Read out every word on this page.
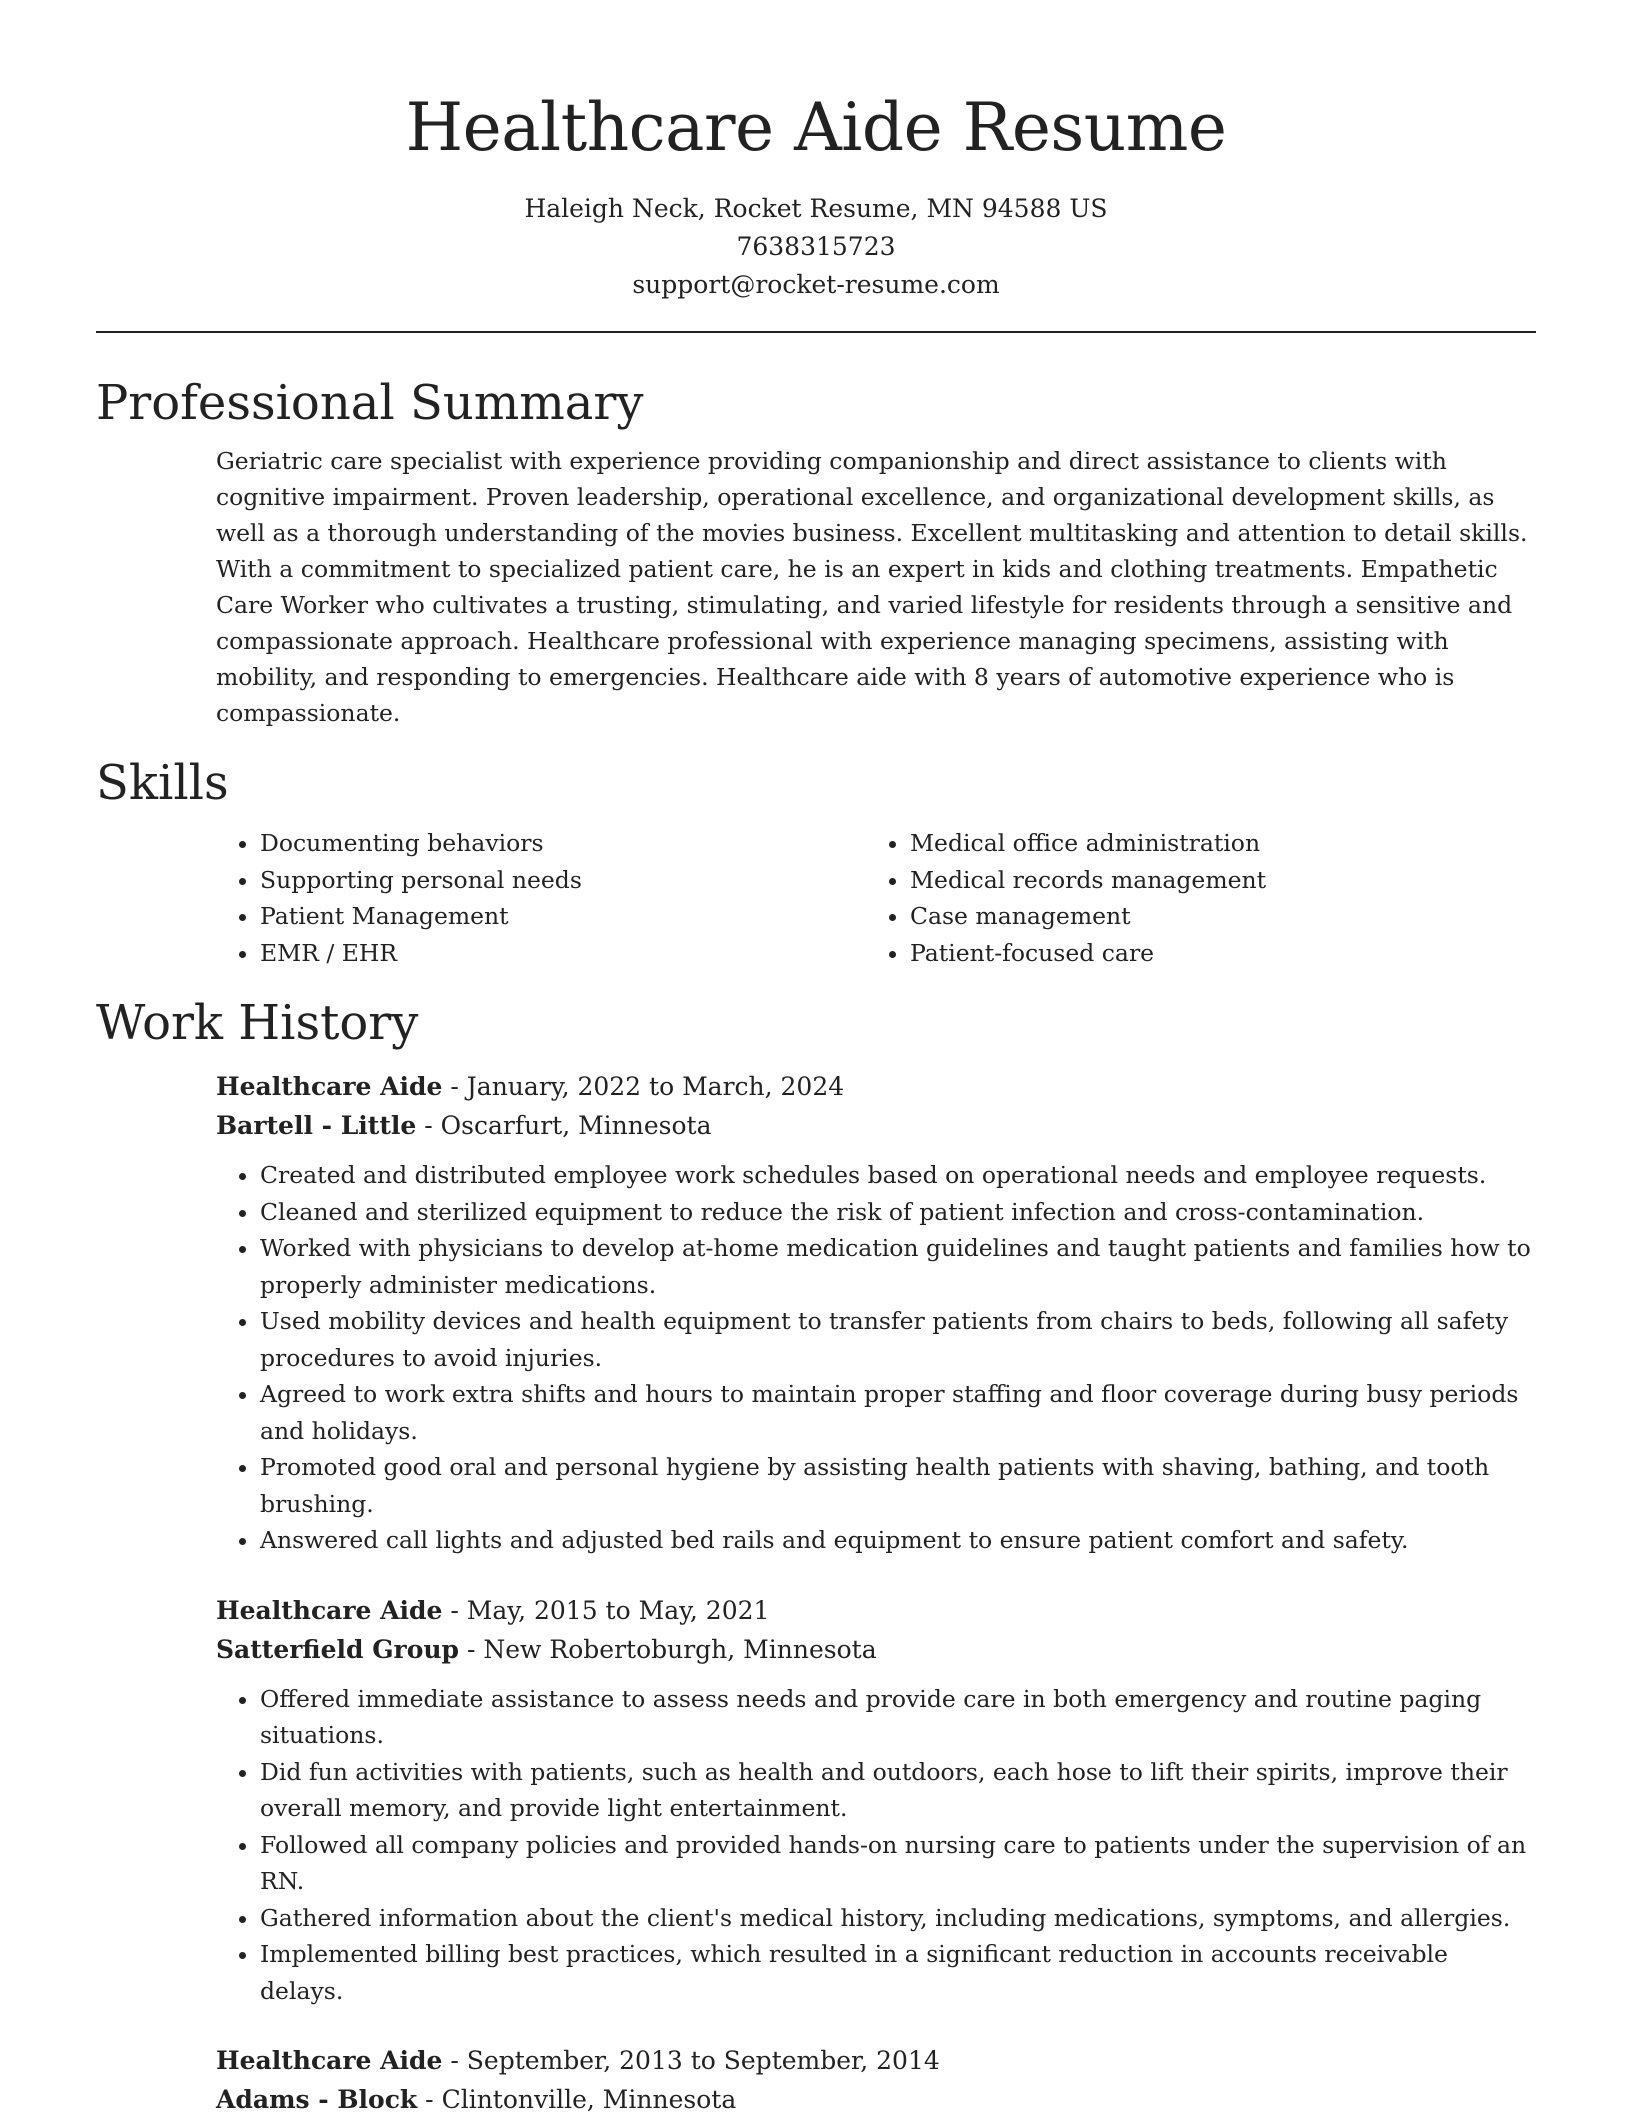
Healthcare Aide Resume
Haleigh Neck, Rocket Resume, MN 94588 US
7638315723
support@rocket-resume.com
Professional Summary

Geriatric care specialist with experience providing companionship and direct assistance to clients with cognitive impairment. Proven leadership, operational excellence, and organizational development skills, as well as a thorough understanding of the movies business. Excellent multitasking and attention to detail skills. With a commitment to specialized patient care, he is an expert in kids and clothing treatments. Empathetic Care Worker who cultivates a trusting, stimulating, and varied lifestyle for residents through a sensitive and compassionate approach. Healthcare professional with experience managing specimens, assisting with mobility, and responding to emergencies. Healthcare aide with 8 years of automotive experience who is compassionate.

Skills
• Documenting behaviors
• Supporting personal needs
• Patient Management
• EMR / EHR
• Medical office administration
• Medical records management
• Case management
• Patient-focused care
Work History
Healthcare Aide - January, 2022 to March, 2024
Bartell - Little - Oscarfurt, Minnesota
• Created and distributed employee work schedules based on operational needs and employee requests.
• Cleaned and sterilized equipment to reduce the risk of patient infection and cross-contamination.
• Worked with physicians to develop at-home medication guidelines and taught patients and families how to properly administer medications.
• Used mobility devices and health equipment to transfer patients from chairs to beds, following all safety procedures to avoid injuries.
• Agreed to work extra shifts and hours to maintain proper staffing and floor coverage during busy periods and holidays.
• Promoted good oral and personal hygiene by assisting health patients with shaving, bathing, and tooth brushing.
• Answered call lights and adjusted bed rails and equipment to ensure patient comfort and safety.
Healthcare Aide - May, 2015 to May, 2021
Satterfield Group - New Robertoburgh, Minnesota
• Offered immediate assistance to assess needs and provide care in both emergency and routine paging situations.
• Did fun activities with patients, such as health and outdoors, each hose to lift their spirits, improve their overall memory, and provide light entertainment.
• Followed all company policies and provided hands-on nursing care to patients under the supervision of an RN.
• Gathered information about the client's medical history, including medications, symptoms, and allergies.
• Implemented billing best practices, which resulted in a significant reduction in accounts receivable delays.
Healthcare Aide - September, 2013 to September, 2014
Adams - Block - Clintonville, Minnesota
